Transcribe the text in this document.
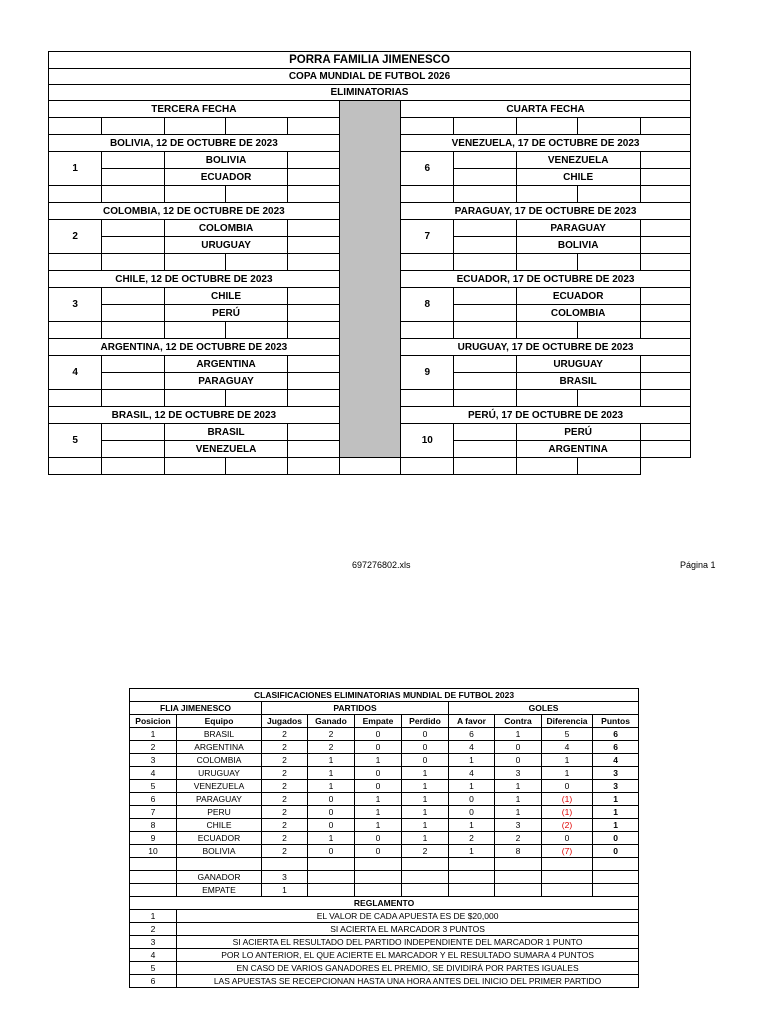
PORRA FAMILIA JIMENESCO										
COPA MUNDIAL DE FUTBOL 2026										
ELIMINATORIAS										
TERCERA FECHA						CUARTA FECHA				

BOLIVIA, 12 DE OCTUBRE DE 2023						VENEZUELA, 17 DE OCTUBRE DE 2023				
1		BOLIVIA				6		VENEZUELA		
		ECUADOR						CHILE		

COLOMBIA, 12 DE OCTUBRE DE 2023						PARAGUAY, 17 DE OCTUBRE DE 2023				
2		COLOMBIA				7		PARAGUAY		
		URUGUAY						BOLIVIA		

CHILE, 12 DE OCTUBRE DE 2023						ECUADOR, 17 DE OCTUBRE DE 2023				
3		CHILE				8		ECUADOR		
		PERÚ						COLOMBIA		

ARGENTINA, 12 DE OCTUBRE DE 2023						URUGUAY, 17 DE OCTUBRE DE 2023				
4		ARGENTINA				9		URUGUAY		
		PARAGUAY						BRASIL		

BRASIL, 12 DE OCTUBRE DE 2023						PERÚ, 17 DE OCTUBRE DE 2023				
5		BRASIL				10		PERÚ		
		VENEZUELA						ARGENTINA		

697276802.xls	Página 1
CLASIFICACIONES ELIMINATORIAS MUNDIAL DE FUTBOL 2023									
FLIA JIMENESCO		PARTIDOS				GOLES			
Posicion	Equipo	Jugados	Ganado	Empate	Perdido	A favor	Contra	Diferencia	Puntos
1	BRASIL	2	2	0	0	6	1	5	6
2	ARGENTINA	2	2	0	0	4	0	4	6
3	COLOMBIA	2	1	1	0	1	0	1	4
4	URUGUAY	2	1	0	1	4	3	1	3
5	VENEZUELA	2	1	0	1	1	1	0	3
6	PARAGUAY	2	0	1	1	0	1	(1)	1
7	PERU	2	0	1	1	0	1	(1)	1
8	CHILE	2	0	1	1	1	3	(2)	1
9	ECUADOR	2	1	0	1	2	2	0	0
10	BOLIVIA	2	0	0	2	1	8	(7)	0

	GANADOR	3							
	EMPATE	1							
REGLAMENTO									
1	EL VALOR DE CADA APUESTA ES DE $20,000								
2	SI ACIERTA EL MARCADOR 3 PUNTOS								
3	SI ACIERTA EL RESULTADO DEL PARTIDO INDEPENDIENTE DEL MARCADOR 1 PUNTO								
4	POR LO ANTERIOR, EL QUE ACIERTE EL MARCADOR Y EL RESULTADO SUMARA 4 PUNTOS								
5	EN CASO DE VARIOS GANADORES EL PREMIO, SE DIVIDIRÁ POR PARTES IGUALES								
6	LAS APUESTAS SE RECEPCIONAN HASTA UNA HORA ANTES DEL INICIO DEL PRIMER PARTIDO								
